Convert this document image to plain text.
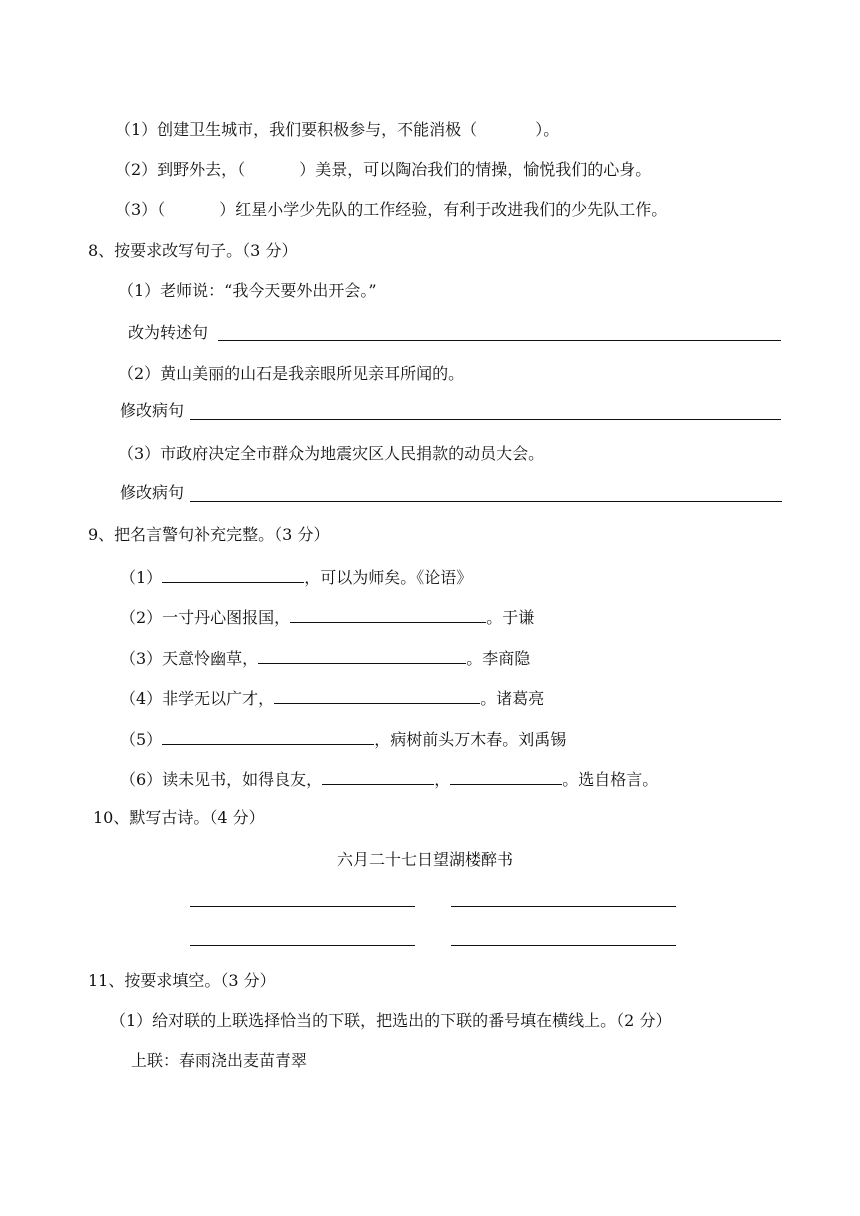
（1）创建卫生城市，我们要积极参与，不能消极（	）。
（2）到野外去，（	）美景，可以陶冶我们的情操，愉悦我们的心身。
（3）（	）红星小学少先队的工作经验，有利于改进我们的少先队工作。
8、按要求改写句子。（3 分）
（1）老师说：“我今天要外出开会。”
改为转述句
（2）黄山美丽的山石是我亲眼所见亲耳所闻的。
修改病句
（3）市政府决定全市群众为地震灾区人民捐款的动员大会。
修改病句
9、把名言警句补充完整。（3 分）
（1）	，可以为师矣。《论语》
（2）一寸丹心图报国，	。于谦
（3）天意怜幽草，	。李商隐
（4）非学无以广才，	。诸葛亮
（5）	，病树前头万木春。刘禹锡
（6）读未见书，如得良友，	，	。选自格言。
10、默写古诗。（4 分）
六月二十七日望湖楼醉书
11、按要求填空。（3 分）
（1）给对联的上联选择恰当的下联，把选出的下联的番号填在横线上。（2 分）
上联：春雨浇出麦苗青翠
